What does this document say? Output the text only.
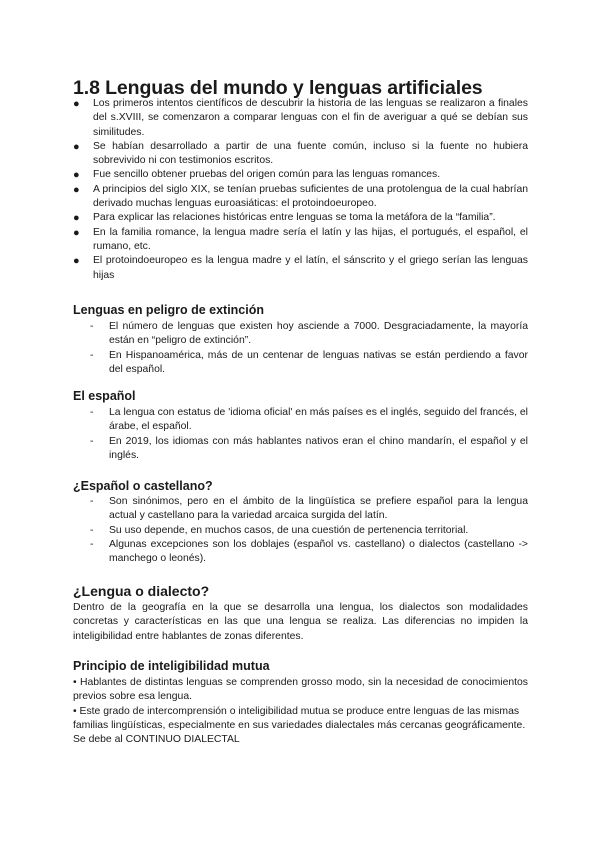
1.8 Lenguas del mundo y lenguas artificiales
● Los primeros intentos científicos de descubrir la historia de las lenguas se realizaron a finales del s.XVIII, se comenzaron a comparar lenguas con el fin de averiguar a qué se debían sus similitudes.
● Se habían desarrollado a partir de una fuente común, incluso si la fuente no hubiera sobrevivido ni con testimonios escritos.
● Fue sencillo obtener pruebas del origen común para las lenguas romances.
● A principios del siglo XIX, se tenían pruebas suficientes de una protolengua de la cual habrían derivado muchas lenguas euroasiáticas: el protoindoeuropeo.
● Para explicar las relaciones históricas entre lenguas se toma la metáfora de la “familia”.
● En la familia romance, la lengua madre sería el latín y las hijas, el portugués, el español, el rumano, etc.
● El protoindoeuropeo es la lengua madre y el latín, el sánscrito y el griego serían las lenguas hijas
Lenguas en peligro de extinción
- El número de lenguas que existen hoy asciende a 7000. Desgraciadamente, la mayoría están en “peligro de extinción”.
- En Hispanoamérica, más de un centenar de lenguas nativas se están perdiendo a favor del español.
El español
- La lengua con estatus de 'idioma oficial' en más países es el inglés, seguido del francés, el árabe, el español.
- En 2019, los idiomas con más hablantes nativos eran el chino mandarín, el español y el inglés.
¿Español o castellano?
- Son sinónimos, pero en el ámbito de la lingüística se prefiere español para la lengua actual y castellano para la variedad arcaica surgida del latín.
- Su uso depende, en muchos casos, de una cuestión de pertenencia territorial.
- Algunas excepciones son los doblajes (español vs. castellano) o dialectos (castellano -> manchego o leonés).
¿Lengua o dialecto?

Dentro de la geografía en la que se desarrolla una lengua, los dialectos son modalidades concretas y características en las que una lengua se realiza. Las diferencias no impiden la inteligibilidad entre hablantes de zonas diferentes.

Principio de inteligibilidad mutua

• Hablantes de distintas lenguas se comprenden grosso modo, sin la necesidad de conocimientos previos sobre esa lengua.

• Este grado de intercomprensión o inteligibilidad mutua se produce entre lenguas de las mismas familias lingüísticas, especialmente en sus variedades dialectales más cercanas geográficamente. Se debe al CONTINUO DIALECTAL
